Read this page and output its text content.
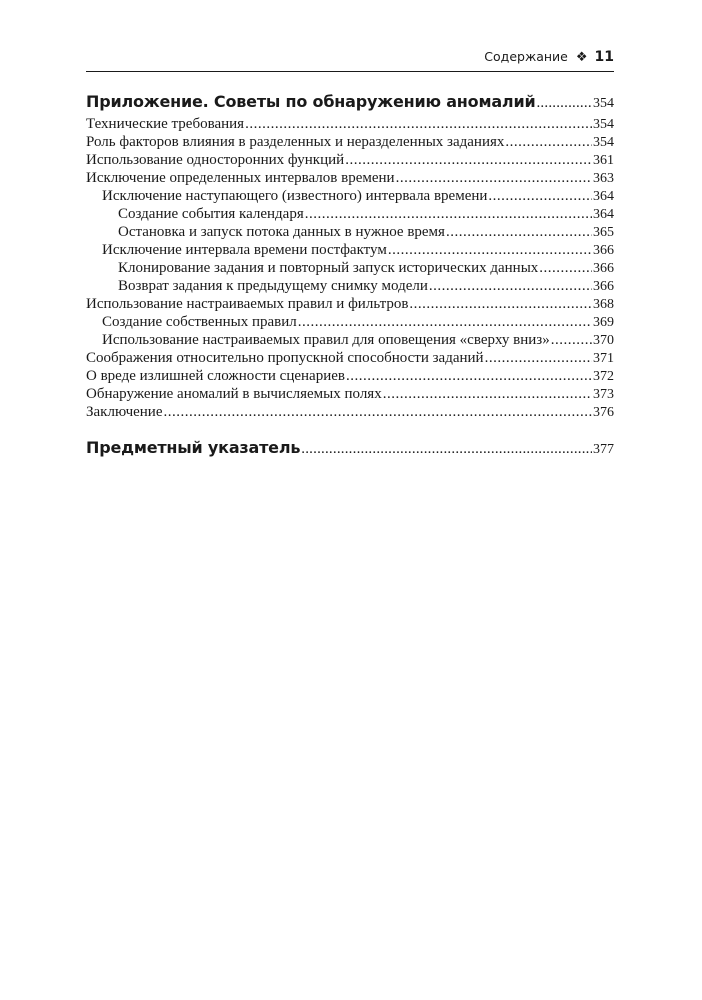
Содержание ❖ 11
Приложение. Советы по обнаружению аномалий .....	354
Технические требования .....	354
Роль факторов влияния в разделенных и неразделенных заданиях .....	354
Использование односторонних функций .....	361
Исключение определенных интервалов времени .....	363
Исключение наступающего (известного) интервала времени .....	364
Создание события календаря .....	364
Остановка и запуск потока данных в нужное время .....	365
Исключение интервала времени постфактум .....	366
Клонирование задания и повторный запуск исторических данных .....	366
Возврат задания к предыдущему снимку модели .....	366
Использование настраиваемых правил и фильтров .....	368
Создание собственных правил .....	369
Использование настраиваемых правил для оповещения «сверху вниз» .....	370
Соображения относительно пропускной способности заданий .....	371
О вреде излишней сложности сценариев .....	372
Обнаружение аномалий в вычисляемых полях .....	373
Заключение .....	376
Предметный указатель .....	377
